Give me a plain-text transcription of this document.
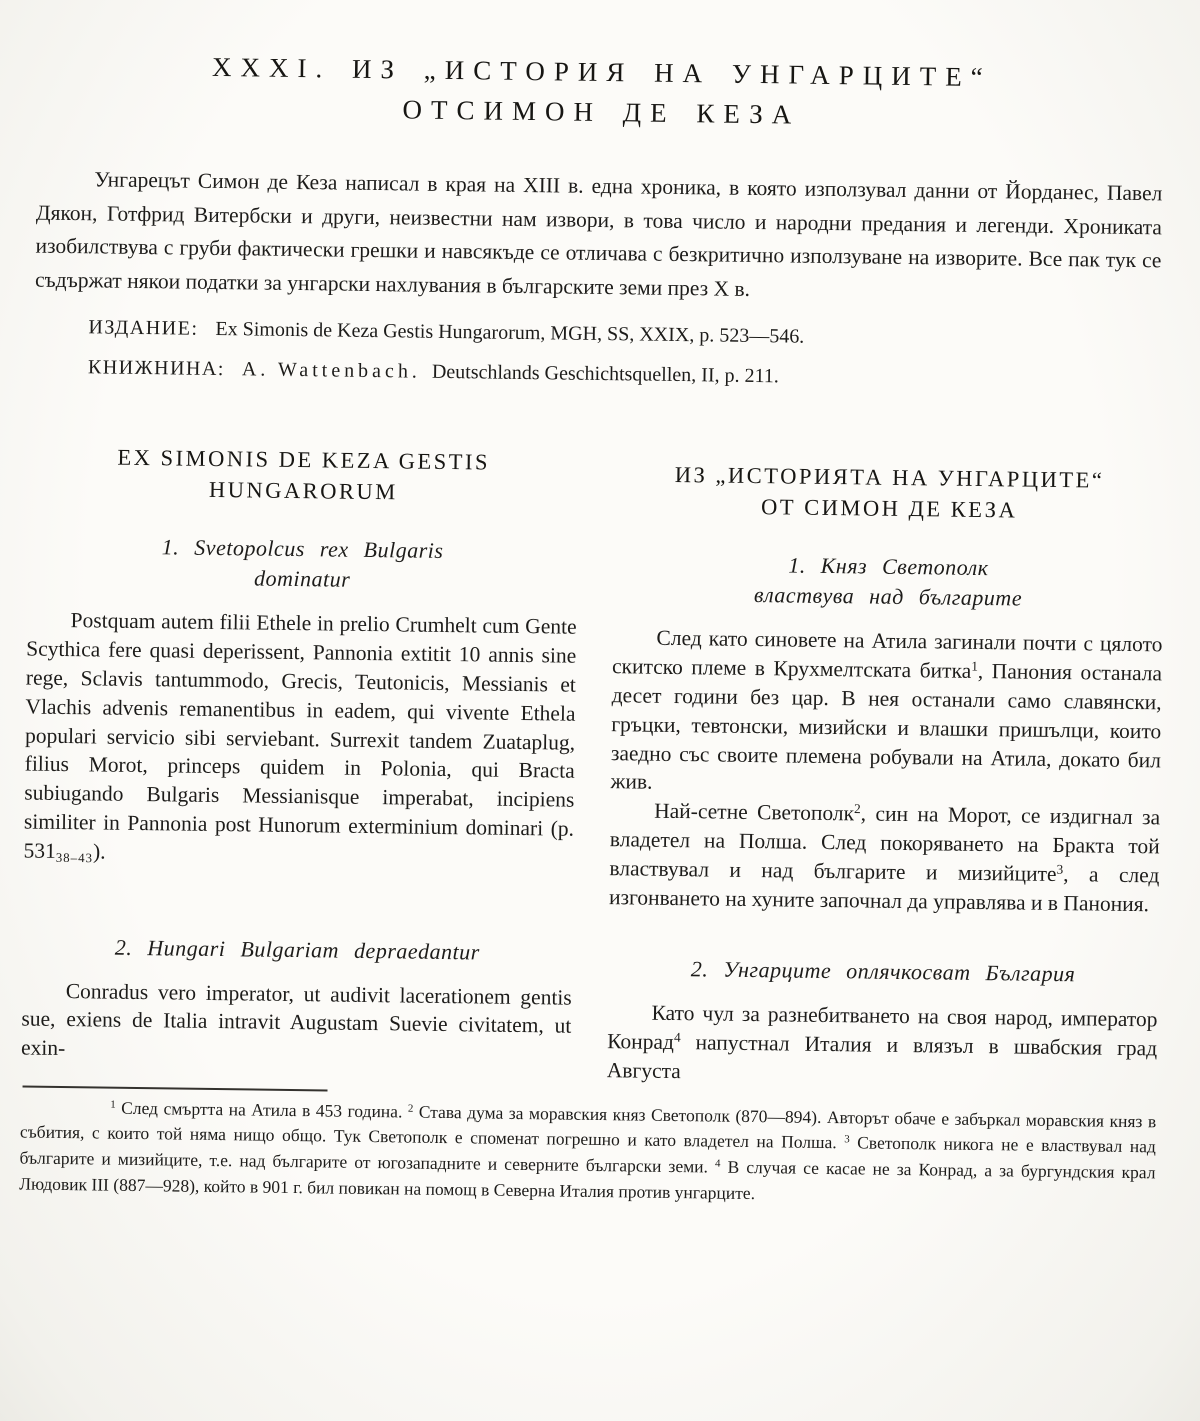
XXXI. ИЗ „ИСТОРИЯ НА УНГАРЦИТЕ“
ОТСИМОН ДЕ КЕЗА

Унгарецът Симон де Кеза написал в края на XIII в. една хроника, в която използувал данни от Йорданес, Павел Дякон, Готфрид Витербски и други, неизвестни нам извори, в това число и народни предания и легенди. Хрониката изобилствува с груби фактически грешки и навсякъде се отличава с безкритично използуване на изворите. Все пак тук се съдържат някои податки за унгарски нахлувания в българските земи през X в.

ИЗДАНИЕ: Ex Simonis de Keza Gestis Hungarorum, MGH, SS, XXIX, p. 523—546.

КНИЖНИНА: A. Wattenbach. Deutschlands Geschichtsquellen, II, p. 211.

EX SIMONIS DE KEZA GESTIS
HUNGARORUM
1. Svetopolcus rex Bulgaris
dominatur

Postquam autem filii Ethele in prelio Crumhelt cum Gente Scythica fere quasi deperissent, Pannonia extitit 10 annis sine rege, Sclavis tantummodo, Grecis, Teutonicis, Messianis et Vlachis advenis remanentibus in eadem, qui vivente Ethela populari servicio sibi serviebant. Surrexit tandem Zuataplug, filius Morot, princeps quidem in Polonia, qui Bracta subiugando Bulgaris Messianisque imperabat, incipiens similiter in Pannonia post Hunorum exterminium dominari (p. $531_{38-43}$).

2. Hungari Bulgariam depraedantur

Conradus vero imperator, ut audivit lacerationem gentis sue, exiens de Italia intravit Augustam Suevie civitatem, ut exin-

ИЗ „ИСТОРИЯТА НА УНГАРЦИТЕ“
ОТ СИМОН ДЕ КЕЗА
1. Княз Светополк
властвува над българите

След като синовете на Атила загинали почти с цялото скитско племе в Крухмелтската битка$^1$, Панония останала десет години без цар. В нея останали само славянски, гръцки, тевтонски, мизийски и влашки пришълци, които заедно със своите племена робували на Атила, докато бил жив.

Най-сетне Светополк$^2$, син на Морот, се издигнал за владетел на Полша. След покоряването на Бракта той властвувал и над българите и мизийците$^3$, а след изгонването на хуните започнал да управлява и в Панония.

2. Унгарците оплячкосват България

Като чул за разнебитването на своя народ, император Конрад$^4$ напустнал Италия и влязъл в швабския град Августа

$^1$ След смъртта на Атила в 453 година. $^2$ Става дума за моравския княз Светополк (870—894). Авторът обаче е забъркал моравския княз в събития, с които той няма нищо общо. Тук Светополк е споменат погрешно и като владетел на Полша. $^3$ Светополк никога не е властвувал над българите и мизийците, т.е. над българите от югозападните и северните български земи. $^4$ В случая се касае не за Конрад, а за бургундския крал Людовик III (887—928), който в 901 г. бил повикан на помощ в Северна Италия против унгарците.
